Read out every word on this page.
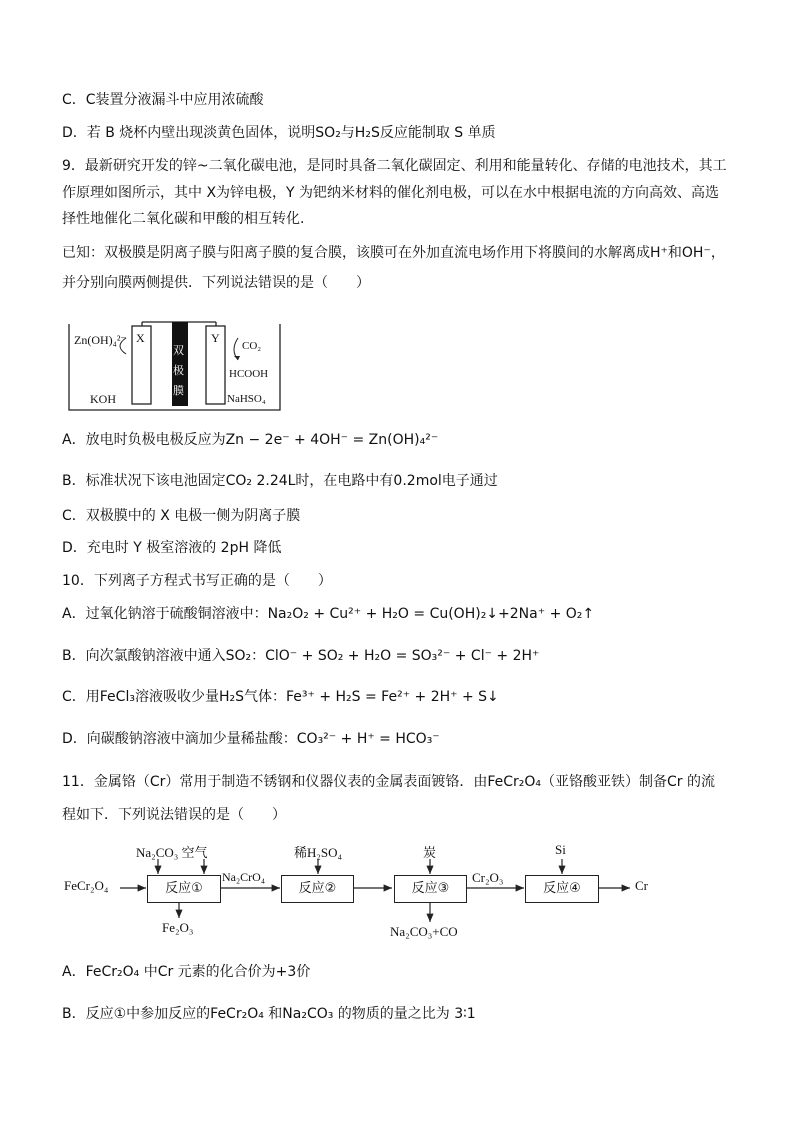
C．C装置分液漏斗中应用浓硫酸
D．若 B 烧杯内壁出现淡黄色固体，说明SO₂与H₂S反应能制取 S 单质
9．最新研究开发的锌~二氧化碳电池，是同时具备二氧化碳固定、利用和能量转化、存储的电池技术，其工
作原理如图所示，其中 X为锌电极，Y 为钯纳米材料的催化剂电极，可以在水中根据电流的方向高效、高选
择性地催化二氧化碳和甲酸的相互转化.
已知：双极膜是阴离子膜与阳离子膜的复合膜，该膜可在外加直流电场作用下将膜间的水解离成H⁺和OH⁻，
并分别向膜两侧提供．下列说法错误的是（　　）
Zn(OH)₄²⁻ X
双
极
膜
Y
CO₂
HCOOH
KOH	NaHSO₄
A．放电时负极电极反应为Zn − 2e⁻ + 4OH⁻ = Zn(OH)₄²⁻
B．标准状况下该电池固定CO₂ 2.24L时，在电路中有0.2mol电子通过
C．双极膜中的 X 电极一侧为阴离子膜
D．充电时 Y 极室溶液的 2pH 降低
10．下列离子方程式书写正确的是（　　）
A．过氧化钠溶于硫酸铜溶液中：Na₂O₂ + Cu²⁺ + H₂O = Cu(OH)₂↓+2Na⁺ + O₂↑
B．向次氯酸钠溶液中通入SO₂：ClO⁻ + SO₂ + H₂O = SO₃²⁻ + Cl⁻ + 2H⁺
C．用FeCl₃溶液吸收少量H₂S气体：Fe³⁺ + H₂S = Fe²⁺ + 2H⁺ + S↓
D．向碳酸钠溶液中滴加少量稀盐酸：CO₃²⁻ + H⁺ = HCO₃⁻
11．金属铬（Cr）常用于制造不锈钢和仪器仪表的金属表面镀铬．由FeCr₂O₄（亚铬酸亚铁）制备Cr 的流
程如下．下列说法错误的是（　　）
FeCr₂O₄
Na₂CO₃ 空气
反应①
Fe₂O₃
Na₂CrO₄
稀H₂SO₄
反应②
炭
反应③
Na₂CO₃+CO
Cr₂O₃
Si
反应④	Cr
A．FeCr₂O₄ 中Cr 元素的化合价为+3价
B．反应①中参加反应的FeCr₂O₄ 和Na₂CO₃ 的物质的量之比为 3∶1
